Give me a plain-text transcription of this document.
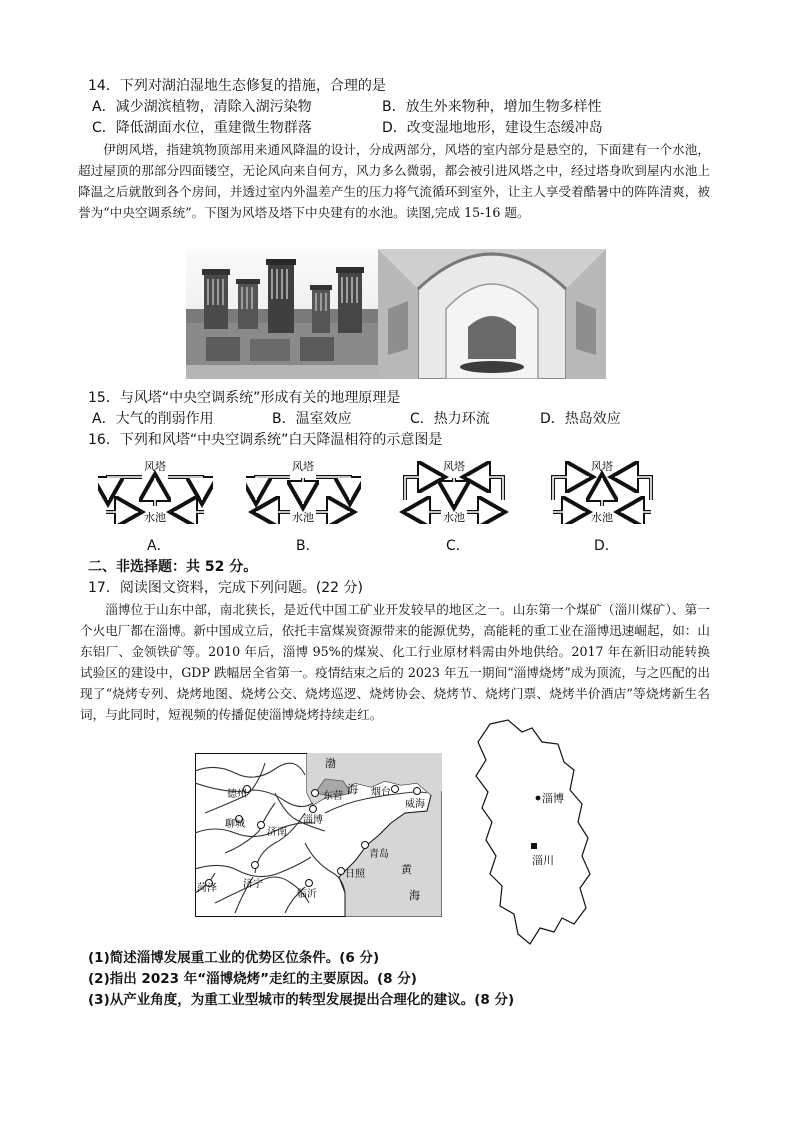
14．下列对湖泊湿地生态修复的措施，合理的是
A．减少湖滨植物，清除入湖污染物	B．放生外来物种，增加生物多样性
C．降低湖面水位，重建微生物群落	D．改变湿地地形，建设生态缓冲岛

伊朗风塔，指建筑物顶部用来通风降温的设计，分成两部分，风塔的室内部分是悬空的，下面建有一个水池，超过屋顶的那部分四面镂空，无论风向来自何方，风力多么微弱，都会被引进风塔之中，经过塔身吹到屋内水池上降温之后就散到各个房间，并透过室内外温差产生的压力将气流循环到室外，让主人享受着酷暑中的阵阵清爽，被誉为“中央空调系统”。下图为风塔及塔下中央建有的水池。读图,完成 15-16 题。

15．与风塔“中央空调系统”形成有关的地理原理是
A．大气的削弱作用	B．温室效应	C．热力环流	D．热岛效应
16．下列和风塔“中央空调系统”白天降温相符的示意图是
风塔
水池
A．
风塔
水池
B．
风塔
水池
C．
风塔
水池
D．
二、非选择题：共 52 分。
17．阅读图文资料，完成下列问题。(22 分)

淄博位于山东中部，南北狭长，是近代中国工矿业开发较早的地区之一。山东第一个煤矿（淄川煤矿）、第一个火电厂都在淄博。新中国成立后，依托丰富煤炭资源带来的能源优势，高能耗的重工业在淄博迅速崛起，如：山东铝厂、金领铁矿等。2010 年后，淄博 95%的煤炭、化工行业原材料需由外地供给。2017 年在新旧动能转换试验区的建设中，GDP 跌幅居全省第一。疫情结束之后的 2023 年五一期间“淄博烧烤”成为顶流，与之匹配的出现了“烧烤专列、烧烤地图、烧烤公交、烧烤巡逻、烧烤协会、烧烤节、烧烤门票、烧烤半价酒店”等烧烤新生名词，与此同时，短视频的传播促使淄博烧烤持续走红。

渤
海
黄
海
德州	东营	烟台
威海
聊城	淄博
济南
青岛
日照
菏泽	济宁
临沂
淄博
淄川
(1)简述淄博发展重工业的优势区位条件。(6 分)
(2)指出 2023 年“淄博烧烤”走红的主要原因。(8 分)
(3)从产业角度，为重工业型城市的转型发展提出合理化的建议。(8 分)
